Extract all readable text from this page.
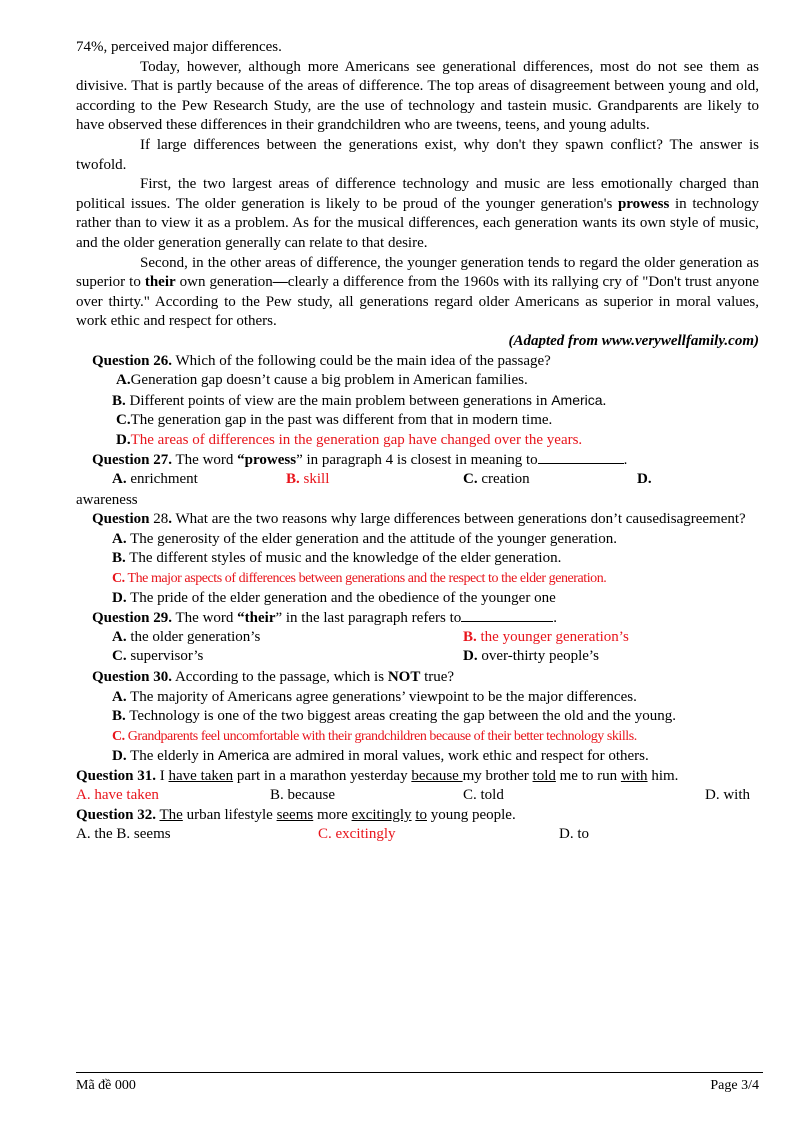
74%, perceived major differences.

Today, however, although more Americans see generational differences, most do not see them as divisive. That is partly because of the areas of difference. The top areas of disagreement between young and old, according to the Pew Research Study, are the use of technology and tastein music. Grandparents are likely to have observed these differences in their grandchildren who are tweens, teens, and young adults.

If large differences between the generations exist, why don't they spawn conflict? The answer is twofold.

First, the two largest areas of difference technology and music are less emotionally charged than political issues. The older generation is likely to be proud of the younger generation's prowess in technology rather than to view it as a problem. As for the musical differences, each generation wants its own style of music, and the older generation generally can relate to that desire.

Second, in the other areas of difference, the younger generation tends to regard the older generation as superior to their own generation—clearly a difference from the 1960s with its rallying cry of "Don't trust anyone over thirty." According to the Pew study, all generations regard older Americans as superior in moral values, work ethic and respect for others.

(Adapted from www.verywellfamily.com)

Question 26. Which of the following could be the main idea of the passage?

A.Generation gap doesn’t cause a big problem in American families.

B. Different points of view are the main problem between generations in America.

C.The generation gap in the past was different from that in modern time.

D.The areas of differences in the generation gap have changed over the years.

Question 27. The word “prowess” in paragraph 4 is closest in meaning to	.

A. enrichment	B. skill	C. creation	D.

awareness

Question 28. What are the two reasons why large differences between generations don’t causedisagreement?

A. The generosity of the elder generation and the attitude of the younger generation.

B. The different styles of music and the knowledge of the elder generation.

C. The major aspects of differences between generations and the respect to the elder generation.

D. The pride of the elder generation and the obedience of the younger one

Question 29. The word “their” in the last paragraph refers to	.

A. the older generation’s	B. the younger generation’s
C. supervisor’s	D. over-thirty people’s

Question 30. According to the passage, which is NOT true?

A. The majority of Americans agree generations’ viewpoint to be the major differences.

B. Technology is one of the two biggest areas creating the gap between the old and the young.

C. Grandparents feel uncomfortable with their grandchildren because of their better technology skills.

D. The elderly in America are admired in moral values, work ethic and respect for others.

Question 31. I have taken part in a marathon yesterday because my brother told me to run with him.

A. have taken	B. because	C. told	D. with

Question 32. The urban lifestyle seems more excitingly to young people.

A. the B. seems	C. excitingly	D. to
Mã đề 000	Page 3/4
